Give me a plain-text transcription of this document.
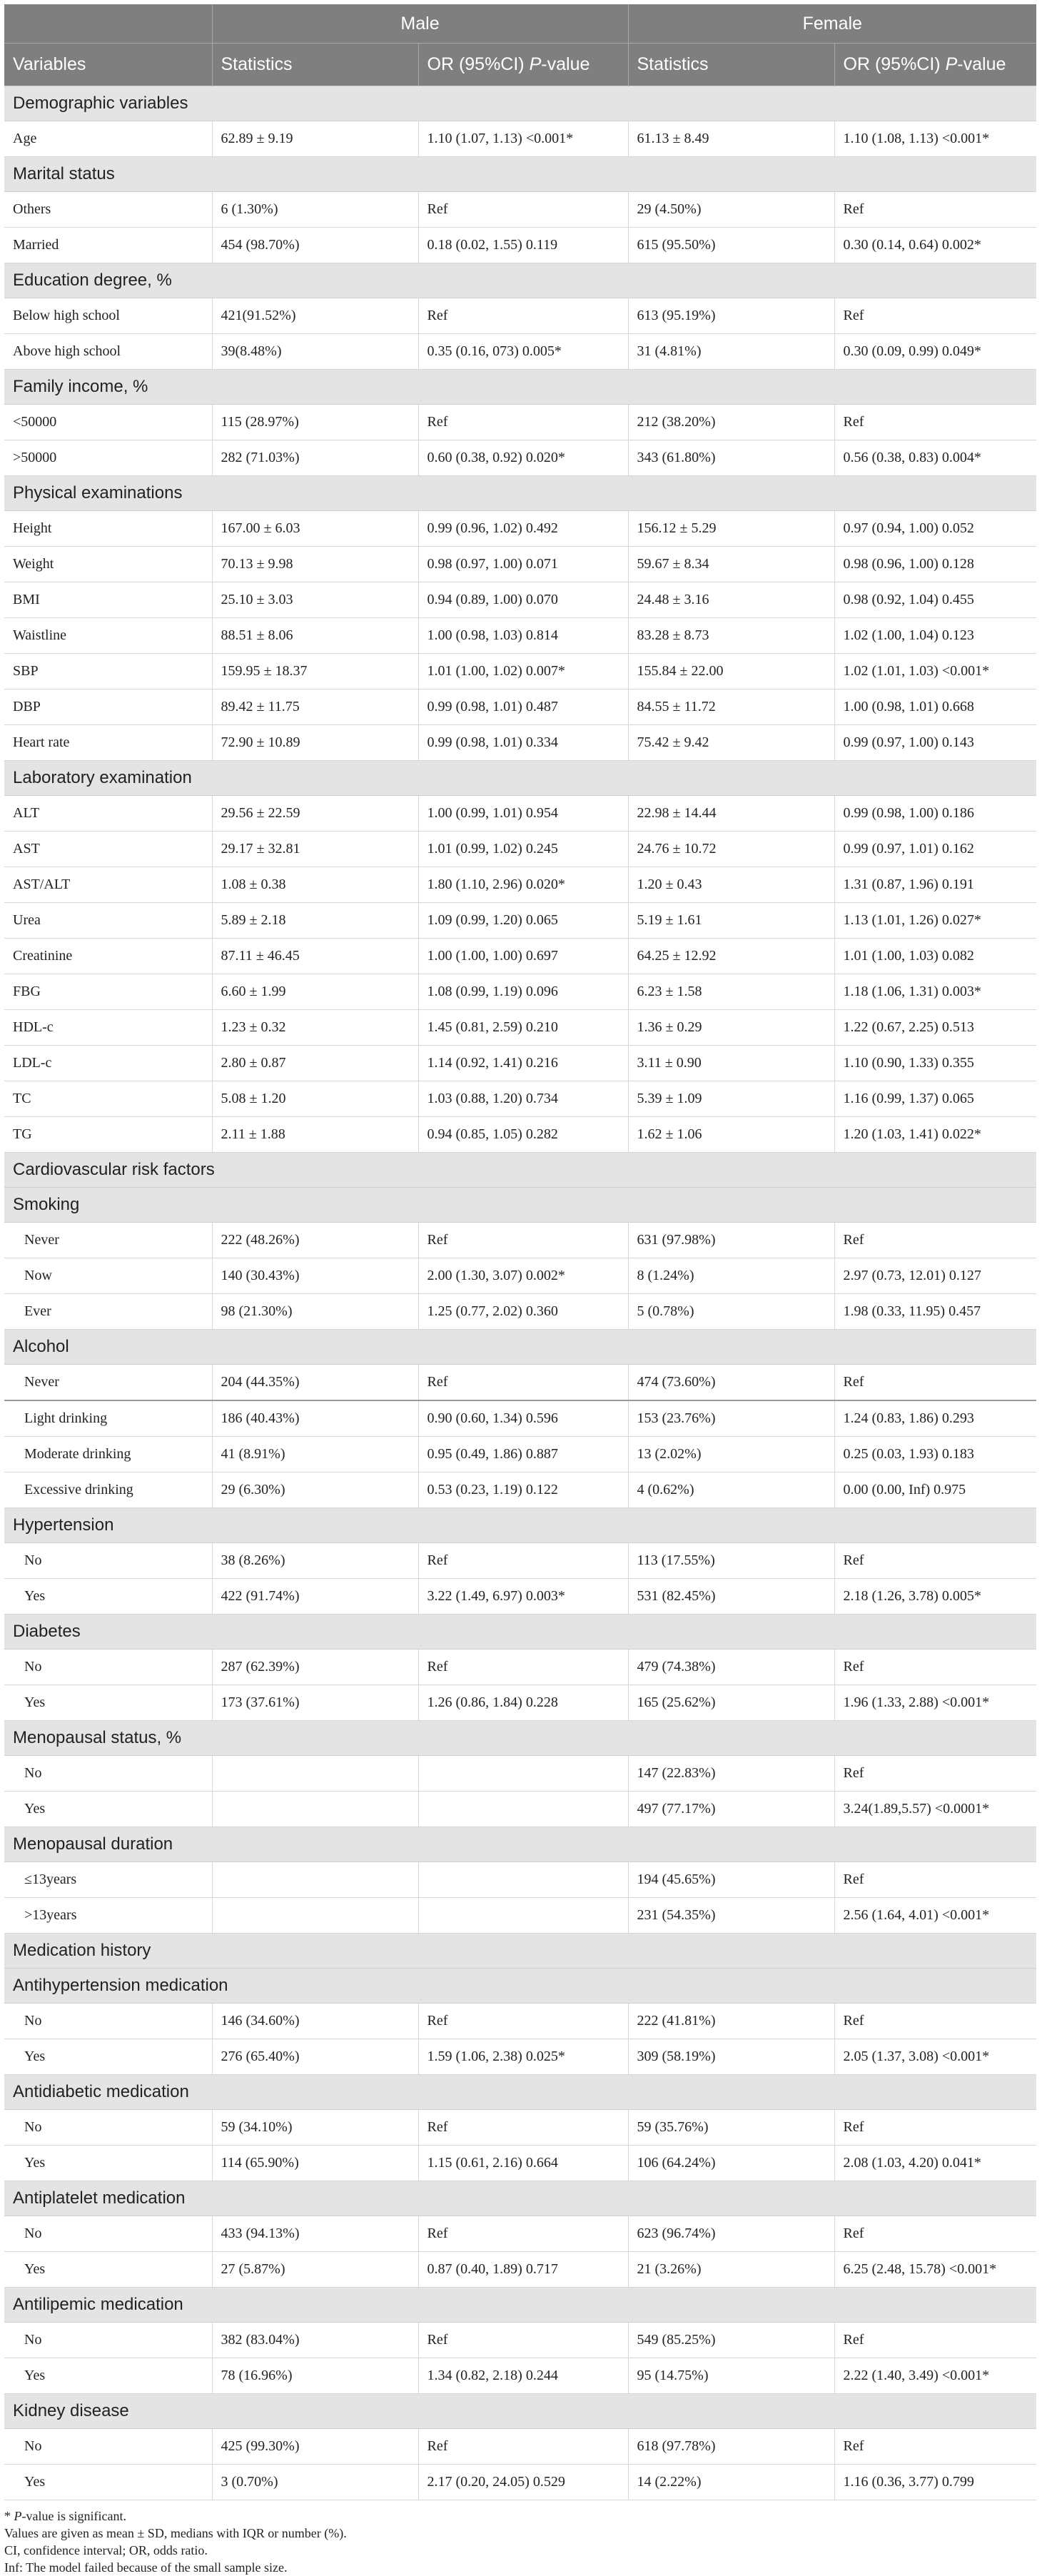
	Male		Female	
Variables	Statistics	OR (95%CI) P-value	Statistics	OR (95%CI) P-value
Demographic variables				
Age	62.89 ± 9.19	1.10 (1.07, 1.13) <0.001*	61.13 ± 8.49	1.10 (1.08, 1.13) <0.001*
Marital status				
Others	6 (1.30%)	Ref	29 (4.50%)	Ref
Married	454 (98.70%)	0.18 (0.02, 1.55) 0.119	615 (95.50%)	0.30 (0.14, 0.64) 0.002*
Education degree, %				
Below high school	421(91.52%)	Ref	613 (95.19%)	Ref
Above high school	39(8.48%)	0.35 (0.16, 073) 0.005*	31 (4.81%)	0.30 (0.09, 0.99) 0.049*
Family income, %				
<50000	115 (28.97%)	Ref	212 (38.20%)	Ref
>50000	282 (71.03%)	0.60 (0.38, 0.92) 0.020*	343 (61.80%)	0.56 (0.38, 0.83) 0.004*
Physical examinations				
Height	167.00 ± 6.03	0.99 (0.96, 1.02) 0.492	156.12 ± 5.29	0.97 (0.94, 1.00) 0.052
Weight	70.13 ± 9.98	0.98 (0.97, 1.00) 0.071	59.67 ± 8.34	0.98 (0.96, 1.00) 0.128
BMI	25.10 ± 3.03	0.94 (0.89, 1.00) 0.070	24.48 ± 3.16	0.98 (0.92, 1.04) 0.455
Waistline	88.51 ± 8.06	1.00 (0.98, 1.03) 0.814	83.28 ± 8.73	1.02 (1.00, 1.04) 0.123
SBP	159.95 ± 18.37	1.01 (1.00, 1.02) 0.007*	155.84 ± 22.00	1.02 (1.01, 1.03) <0.001*
DBP	89.42 ± 11.75	0.99 (0.98, 1.01) 0.487	84.55 ± 11.72	1.00 (0.98, 1.01) 0.668
Heart rate	72.90 ± 10.89	0.99 (0.98, 1.01) 0.334	75.42 ± 9.42	0.99 (0.97, 1.00) 0.143
Laboratory examination				
ALT	29.56 ± 22.59	1.00 (0.99, 1.01) 0.954	22.98 ± 14.44	0.99 (0.98, 1.00) 0.186
AST	29.17 ± 32.81	1.01 (0.99, 1.02) 0.245	24.76 ± 10.72	0.99 (0.97, 1.01) 0.162
AST/ALT	1.08 ± 0.38	1.80 (1.10, 2.96) 0.020*	1.20 ± 0.43	1.31 (0.87, 1.96) 0.191
Urea	5.89 ± 2.18	1.09 (0.99, 1.20) 0.065	5.19 ± 1.61	1.13 (1.01, 1.26) 0.027*
Creatinine	87.11 ± 46.45	1.00 (1.00, 1.00) 0.697	64.25 ± 12.92	1.01 (1.00, 1.03) 0.082
FBG	6.60 ± 1.99	1.08 (0.99, 1.19) 0.096	6.23 ± 1.58	1.18 (1.06, 1.31) 0.003*
HDL-c	1.23 ± 0.32	1.45 (0.81, 2.59) 0.210	1.36 ± 0.29	1.22 (0.67, 2.25) 0.513
LDL-c	2.80 ± 0.87	1.14 (0.92, 1.41) 0.216	3.11 ± 0.90	1.10 (0.90, 1.33) 0.355
TC	5.08 ± 1.20	1.03 (0.88, 1.20) 0.734	5.39 ± 1.09	1.16 (0.99, 1.37) 0.065
TG	2.11 ± 1.88	0.94 (0.85, 1.05) 0.282	1.62 ± 1.06	1.20 (1.03, 1.41) 0.022*
Cardiovascular risk factors				
Smoking				
Never	222 (48.26%)	Ref	631 (97.98%)	Ref
Now	140 (30.43%)	2.00 (1.30, 3.07) 0.002*	8 (1.24%)	2.97 (0.73, 12.01) 0.127
Ever	98 (21.30%)	1.25 (0.77, 2.02) 0.360	5 (0.78%)	1.98 (0.33, 11.95) 0.457
Alcohol				
Never	204 (44.35%)	Ref	474 (73.60%)	Ref
Light drinking	186 (40.43%)	0.90 (0.60, 1.34) 0.596	153 (23.76%)	1.24 (0.83, 1.86) 0.293
Moderate drinking	41 (8.91%)	0.95 (0.49, 1.86) 0.887	13 (2.02%)	0.25 (0.03, 1.93) 0.183
Excessive drinking	29 (6.30%)	0.53 (0.23, 1.19) 0.122	4 (0.62%)	0.00 (0.00, Inf) 0.975
Hypertension				
No	38 (8.26%)	Ref	113 (17.55%)	Ref
Yes	422 (91.74%)	3.22 (1.49, 6.97) 0.003*	531 (82.45%)	2.18 (1.26, 3.78) 0.005*
Diabetes				
No	287 (62.39%)	Ref	479 (74.38%)	Ref
Yes	173 (37.61%)	1.26 (0.86, 1.84) 0.228	165 (25.62%)	1.96 (1.33, 2.88) <0.001*
Menopausal status, %				
No			147 (22.83%)	Ref
Yes			497 (77.17%)	3.24(1.89,5.57) <0.0001*
Menopausal duration				
≤13years			194 (45.65%)	Ref
>13years			231 (54.35%)	2.56 (1.64, 4.01) <0.001*
Medication history				
Antihypertension medication				
No	146 (34.60%)	Ref	222 (41.81%)	Ref
Yes	276 (65.40%)	1.59 (1.06, 2.38) 0.025*	309 (58.19%)	2.05 (1.37, 3.08) <0.001*
Antidiabetic medication				
No	59 (34.10%)	Ref	59 (35.76%)	Ref
Yes	114 (65.90%)	1.15 (0.61, 2.16) 0.664	106 (64.24%)	2.08 (1.03, 4.20) 0.041*
Antiplatelet medication				
No	433 (94.13%)	Ref	623 (96.74%)	Ref
Yes	27 (5.87%)	0.87 (0.40, 1.89) 0.717	21 (3.26%)	6.25 (2.48, 15.78) <0.001*
Antilipemic medication				
No	382 (83.04%)	Ref	549 (85.25%)	Ref
Yes	78 (16.96%)	1.34 (0.82, 2.18) 0.244	95 (14.75%)	2.22 (1.40, 3.49) <0.001*
Kidney disease				
No	425 (99.30%)	Ref	618 (97.78%)	Ref
Yes	3 (0.70%)	2.17 (0.20, 24.05) 0.529	14 (2.22%)	1.16 (0.36, 3.77) 0.799
* P-value is significant.
Values are given as mean ± SD, medians with IQR or number (%).
CI, confidence interval; OR, odds ratio.
Inf: The model failed because of the small sample size.
